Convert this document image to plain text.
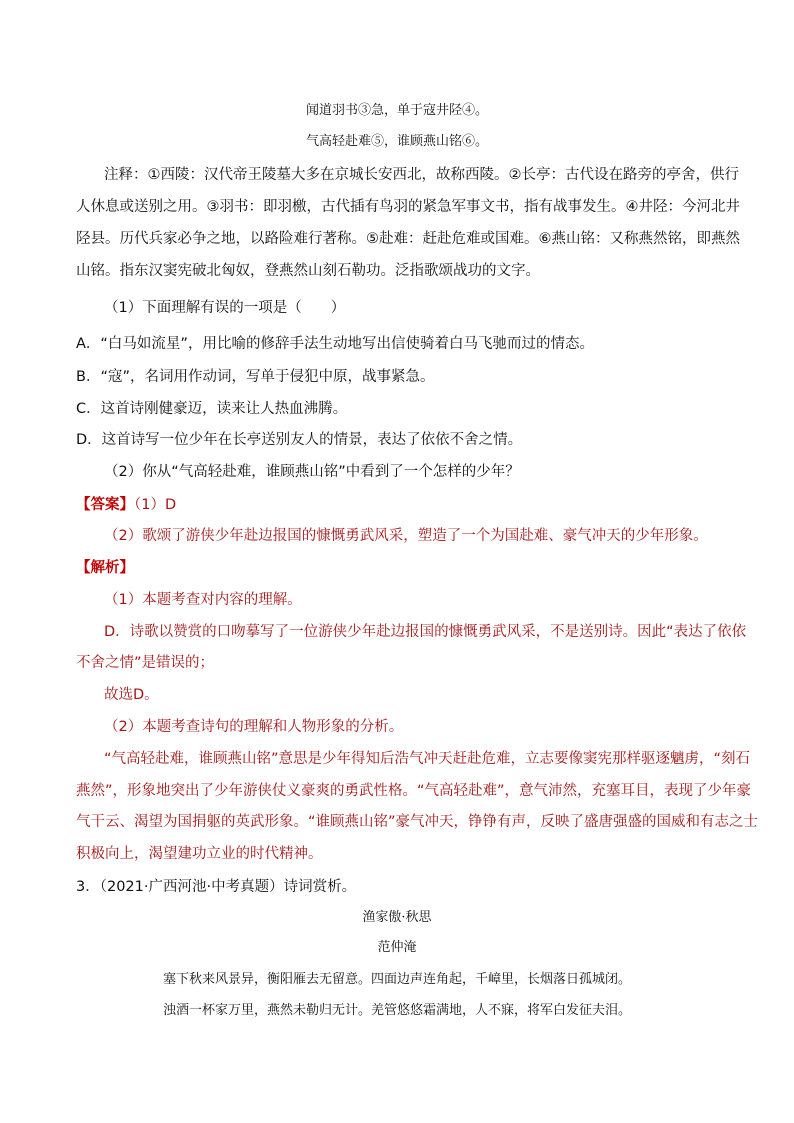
闻道羽书③急，单于寇井陉④。
气高轻赴难⑤，谁顾燕山铭⑥。
注释：①西陵：汉代帝王陵墓大多在京城长安西北，故称西陵。②长亭：古代设在路旁的亭舍，供行
人休息或送别之用。③羽书：即羽檄，古代插有鸟羽的紧急军事文书，指有战事发生。④井陉：今河北井
陉县。历代兵家必争之地，以路险难行著称。⑤赴难：赶赴危难或国难。⑥燕山铭：又称燕然铭，即燕然
山铭。指东汉窦宪破北匈奴，登燕然山刻石勒功。泛指歌颂战功的文字。
（1）下面理解有误的一项是（　　）
A．“白马如流星”，用比喻的修辞手法生动地写出信使骑着白马飞驰而过的情态。
B．“寇”，名词用作动词，写单于侵犯中原，战事紧急。
C．这首诗刚健豪迈，读来让人热血沸腾。
D．这首诗写一位少年在长亭送别友人的情景，表达了依依不舍之情。
（2）你从“气高轻赴难，谁顾燕山铭”中看到了一个怎样的少年？
【答案】（1）D
（2）歌颂了游侠少年赴边报国的慷慨勇武风采，塑造了一个为国赴难、豪气冲天的少年形象。
【解析】
（1）本题考查对内容的理解。
D．诗歌以赞赏的口吻摹写了一位游侠少年赴边报国的慷慨勇武风采，不是送别诗。因此“表达了依依
不舍之情”是错误的；
故选D。
（2）本题考查诗句的理解和人物形象的分析。
“气高轻赴难，谁顾燕山铭”意思是少年得知后浩气冲天赶赴危难，立志要像窦宪那样驱逐魑虏，“刻石
燕然”，形象地突出了少年游侠仗义豪爽的勇武性格。“气高轻赴难”，意气沛然，充塞耳目，表现了少年豪
气干云、渴望为国捐躯的英武形象。“谁顾燕山铭”豪气冲天，铮铮有声，反映了盛唐强盛的国威和有志之士
积极向上，渴望建功立业的时代精神。
3．（2021·广西河池·中考真题）诗词赏析。
渔家傲·秋思
范仲淹
塞下秋来风景异，衡阳雁去无留意。四面边声连角起，千嶂里，长烟落日孤城闭。
浊酒一杯家万里，燕然未勒归无计。羌管悠悠霜满地，人不寐，将军白发征夫泪。
